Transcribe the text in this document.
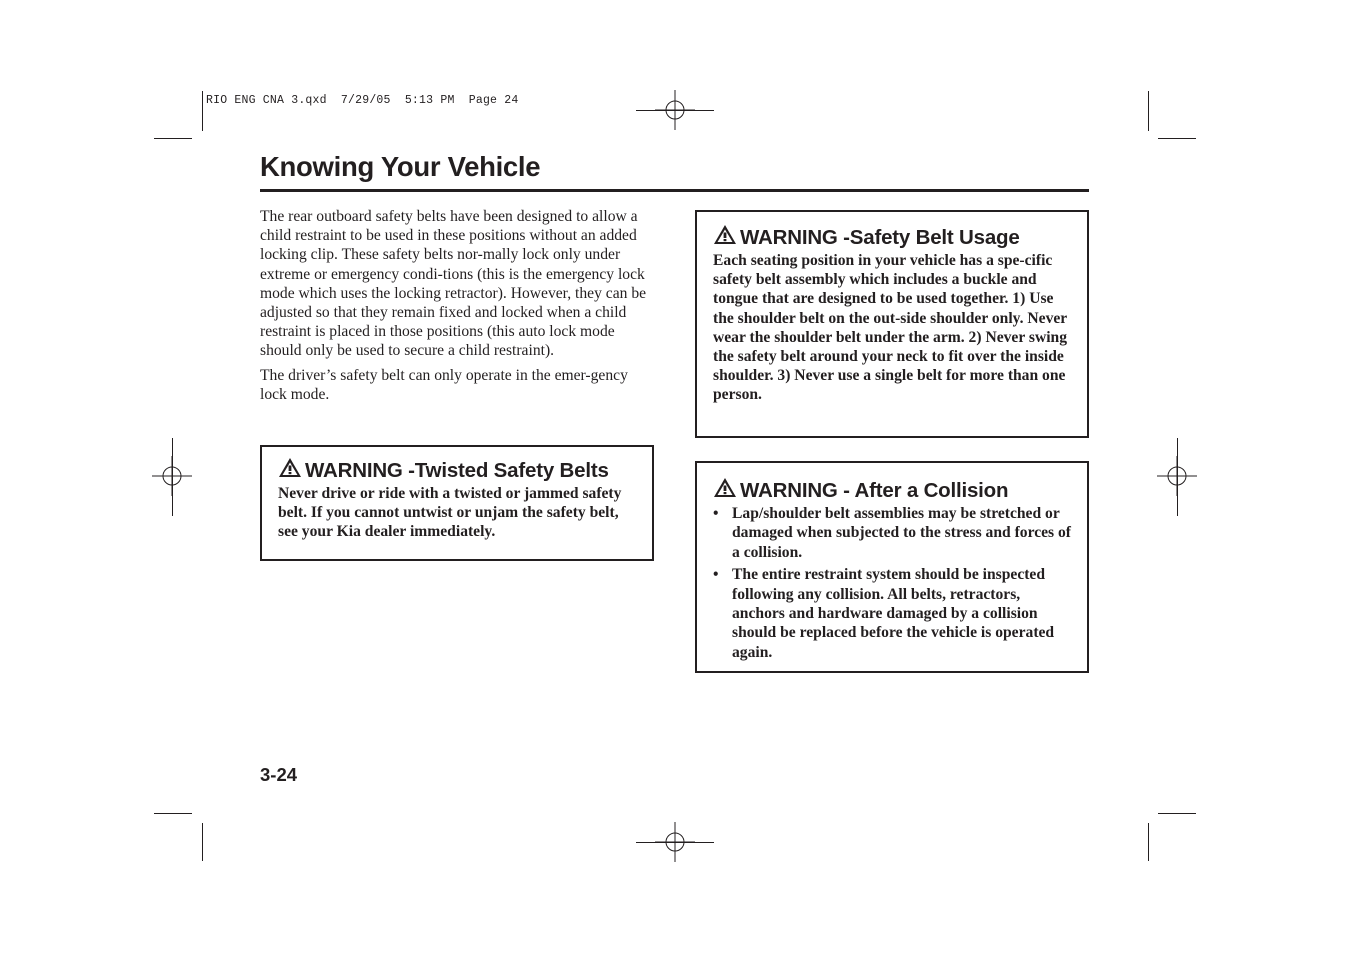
RIO ENG CNA 3.qxd  7/29/05  5:13 PM  Page 24
Knowing Your Vehicle

The rear outboard safety belts have been designed to allow a child restraint to be used in these positions without an added locking clip. These safety belts nor-mally lock only under extreme or emergency condi-tions (this is the emergency lock mode which uses the locking retractor). However, they can be adjusted so that they remain fixed and locked when a child restraint is placed in those positions (this auto lock mode should only be used to secure a child restraint).

The driver’s safety belt can only operate in the emer-gency lock mode.

WARNING -Twisted Safety Belts

Never drive or ride with a twisted or jammed safety belt. If you cannot untwist or unjam the safety belt, see your Kia dealer immediately.

WARNING -Safety Belt Usage

Each seating position in your vehicle has a spe-cific safety belt assembly which includes a buckle and tongue that are designed to be used together. 1) Use the shoulder belt on the out-side shoulder only. Never wear the shoulder belt under the arm. 2) Never swing the safety belt around your neck to fit over the inside shoulder. 3) Never use a single belt for more than one person.

WARNING - After a Collision
• Lap/shoulder belt assemblies may be stretched or damaged when subjected to the stress and forces of a collision.
• The entire restraint system should be inspected following any collision. All belts, retractors, anchors and hardware damaged by a collision should be replaced before the vehicle is operated again.
3-24
